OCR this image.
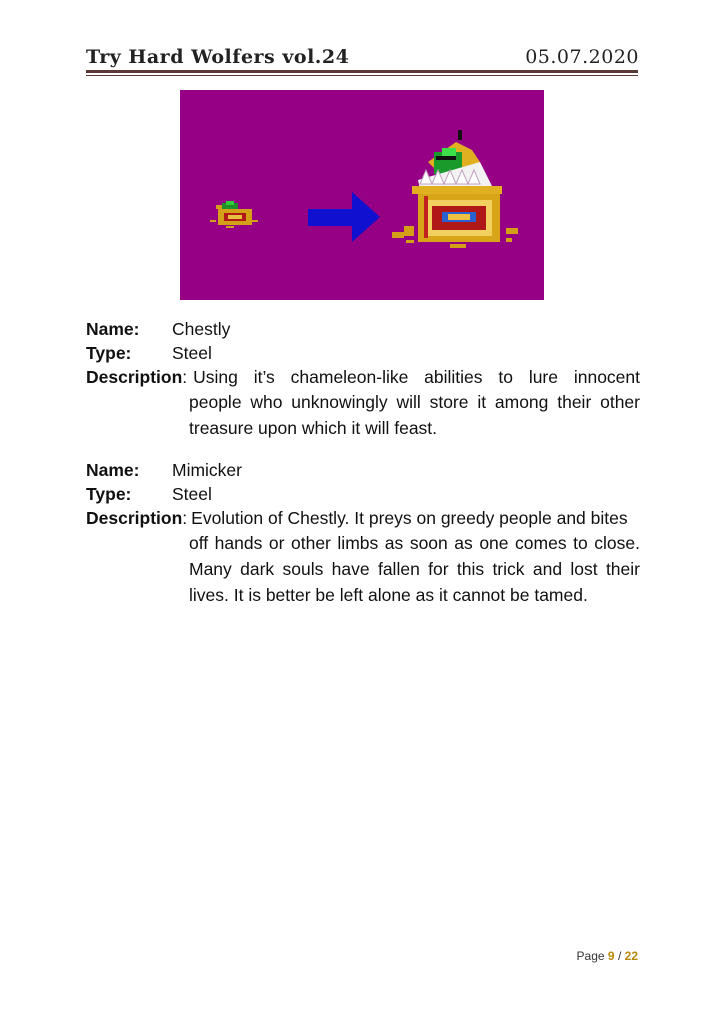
Try Hard Wolfers vol.24	05.07.2020
Name:	Chestly
Type:	Steel
Description: Using it’s chameleon-like abilities to lure innocent
people who unknowingly will store it among their other treasure upon which it will feast.
Name:	Mimicker
Type:	Steel
Description: Evolution of Chestly. It preys on greedy people and bites
off hands or other limbs as soon as one comes to close. Many dark souls have fallen for this trick and lost their lives. It is better be left alone as it cannot be tamed.
Page 9 / 22
